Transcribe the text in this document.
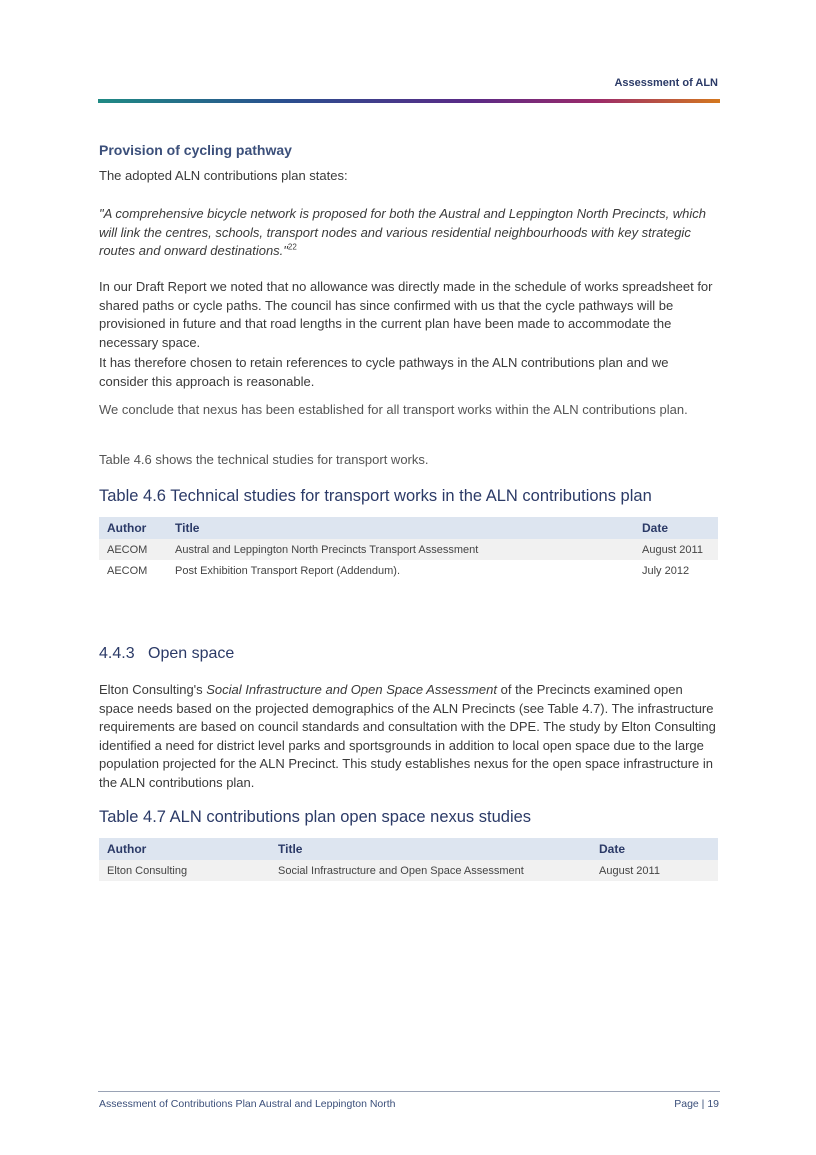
Assessment of ALN
Provision of cycling pathway
The adopted ALN contributions plan states:
"A comprehensive bicycle network is proposed for both the Austral and Leppington North Precincts, which will link the centres, schools, transport nodes and various residential neighbourhoods with key strategic routes and onward destinations."$^{22}$
In our Draft Report we noted that no allowance was directly made in the schedule of works spreadsheet for shared paths or cycle paths. The council has since confirmed with us that the cycle pathways will be provisioned in future and that road lengths in the current plan have been made to accommodate the necessary space.
It has therefore chosen to retain references to cycle pathways in the ALN contributions plan and we consider this approach is reasonable.
We conclude that nexus has been established for all transport works within the ALN contributions plan.
Table 4.6 shows the technical studies for transport works.
Table 4.6 Technical studies for transport works in the ALN contributions plan
Author	Title	Date
AECOM	Austral and Leppington North Precincts Transport Assessment	August 2011
AECOM	Post Exhibition Transport Report (Addendum).	July 2012
4.4.3 Open space
Elton Consulting's Social Infrastructure and Open Space Assessment of the Precincts examined open space needs based on the projected demographics of the ALN Precincts (see Table 4.7). The infrastructure requirements are based on council standards and consultation with the DPE. The study by Elton Consulting identified a need for district level parks and sportsgrounds in addition to local open space due to the large population projected for the ALN Precinct. This study establishes nexus for the open space infrastructure in the ALN contributions plan.
Table 4.7 ALN contributions plan open space nexus studies
Author	Title	Date
Elton Consulting	Social Infrastructure and Open Space Assessment	August 2011
Assessment of Contributions Plan Austral and Leppington North	Page | 19
